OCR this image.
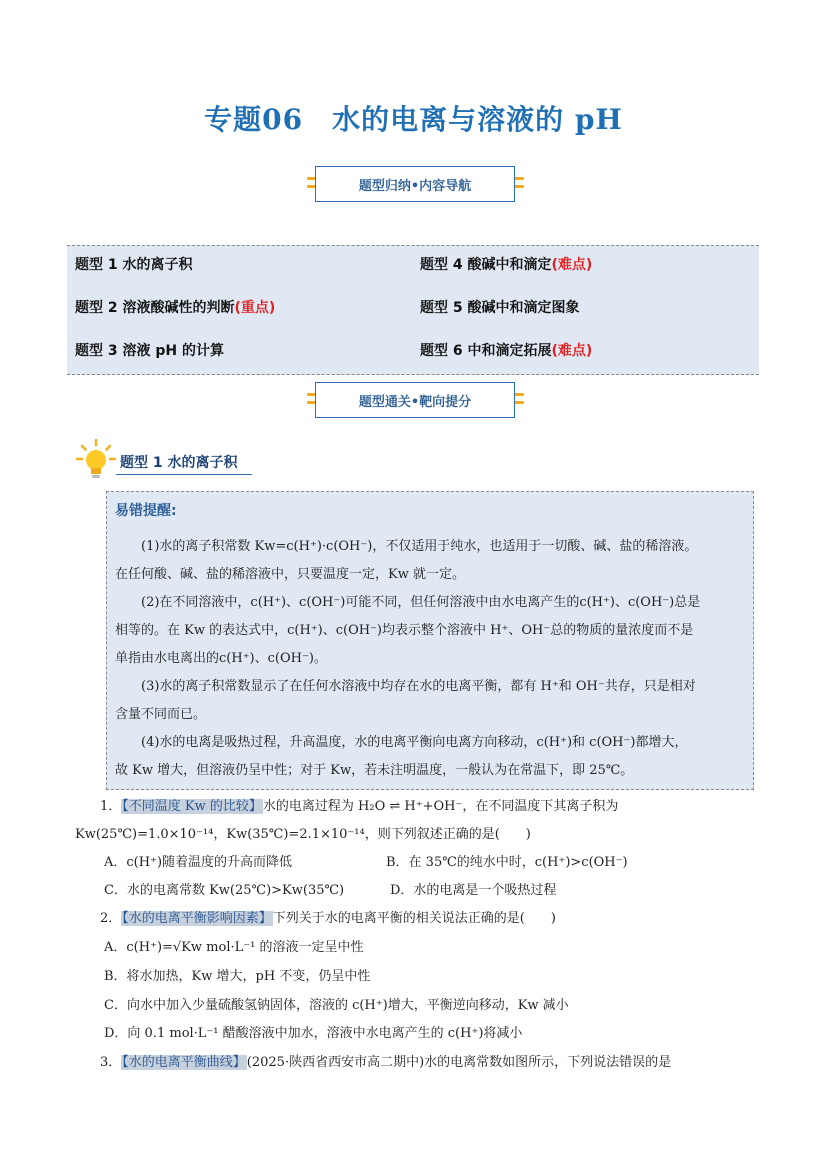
专题06　水的电离与溶液的 pH
题型归纳•内容导航
题型 1 水的离子积
题型 2 溶液酸碱性的判断(重点)
题型 3 溶液 pH 的计算
题型 4 酸碱中和滴定(难点)
题型 5 酸碱中和滴定图象
题型 6 中和滴定拓展(难点)
题型通关•靶向提分
题型 1 水的离子积
易错提醒:
(1)水的离子积常数 Kw=c(H⁺)·c(OH⁻)，不仅适用于纯水，也适用于一切酸、碱、盐的稀溶液。
在任何酸、碱、盐的稀溶液中，只要温度一定，Kw 就一定。
(2)在不同溶液中，c(H⁺)、c(OH⁻)可能不同，但任何溶液中由水电离产生的c(H⁺)、c(OH⁻)总是
相等的。在 Kw 的表达式中，c(H⁺)、c(OH⁻)均表示整个溶液中 H⁺、OH⁻总的物质的量浓度而不是
单指由水电离出的c(H⁺)、c(OH⁻)。
(3)水的离子积常数显示了在任何水溶液中均存在水的电离平衡，都有 H⁺和 OH⁻共存，只是相对
含量不同而已。
(4)水的电离是吸热过程，升高温度，水的电离平衡向电离方向移动，c(H⁺)和 c(OH⁻)都增大，
故 Kw 增大，但溶液仍呈中性；对于 Kw，若未注明温度，一般认为在常温下，即 25℃。
1．【不同温度 Kw 的比较】水的电离过程为 H₂O ⇌ H⁺+OH⁻，在不同温度下其离子积为
Kw(25℃)=1.0×10⁻¹⁴，Kw(35℃)=2.1×10⁻¹⁴，则下列叙述正确的是(　　)
A．c(H⁺)随着温度的升高而降低	B．在 35℃的纯水中时，c(H⁺)>c(OH⁻)
C．水的电离常数 Kw(25℃)>Kw(35℃)	D．水的电离是一个吸热过程
2．【水的电离平衡影响因素】下列关于水的电离平衡的相关说法正确的是(　　)
A．c(H⁺)=√Kw mol·L⁻¹ 的溶液一定呈中性
B．将水加热，Kw 增大，pH 不变，仍呈中性
C．向水中加入少量硫酸氢钠固体，溶液的 c(H⁺)增大，平衡逆向移动，Kw 减小
D．向 0.1 mol·L⁻¹ 醋酸溶液中加水，溶液中水电离产生的 c(H⁺)将减小
3．【水的电离平衡曲线】(2025·陕西省西安市高二期中)水的电离常数如图所示，下列说法错误的是
